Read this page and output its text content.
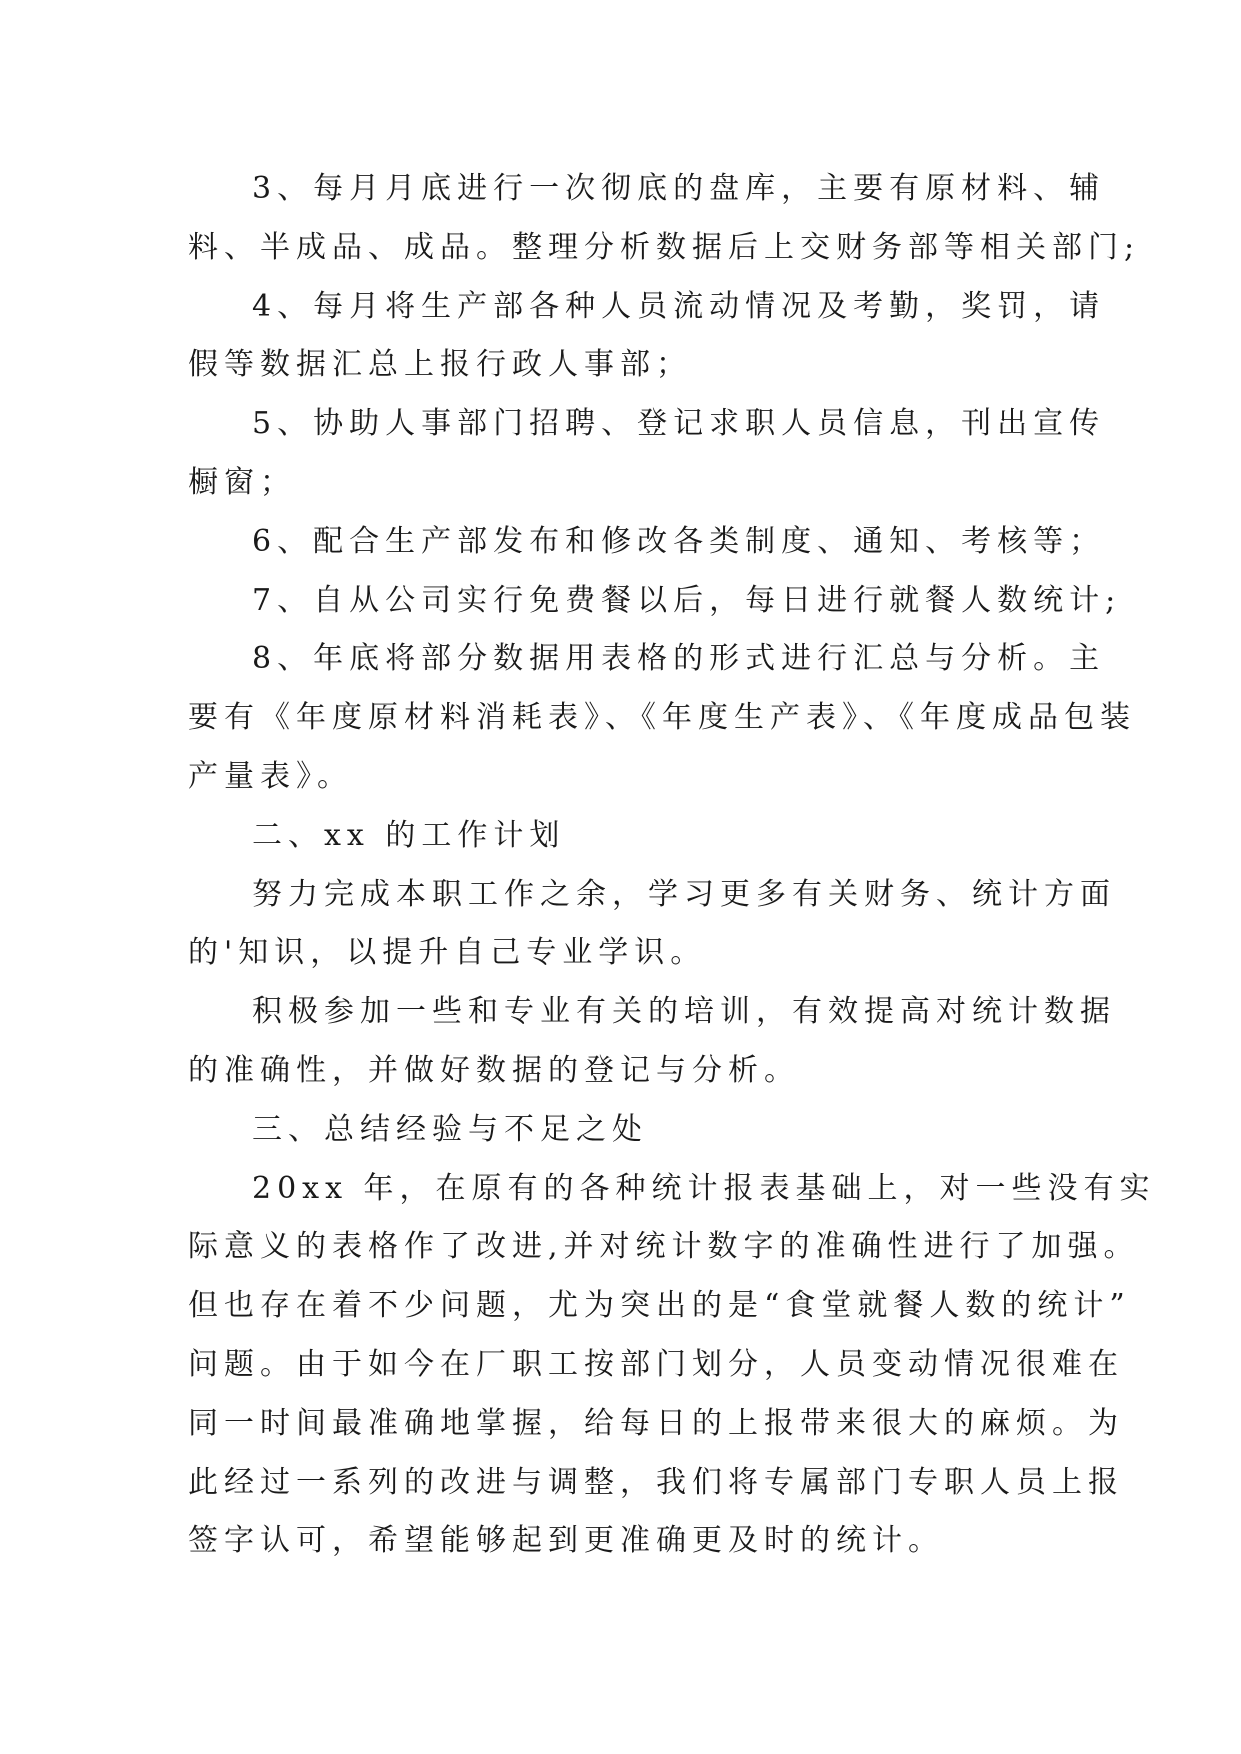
3、每月月底进行一次彻底的盘库，主要有原材料、辅
料、半成品、成品。整理分析数据后上交财务部等相关部门;
4、每月将生产部各种人员流动情况及考勤，奖罚，请
假等数据汇总上报行政人事部；
5、协助人事部门招聘、登记求职人员信息，刊出宣传
橱窗；
6、配合生产部发布和修改各类制度、通知、考核等；
7、自从公司实行免费餐以后，每日进行就餐人数统计;
8、年底将部分数据用表格的形式进行汇总与分析。主
要有《年度原材料消耗表》、《年度生产表》、《年度成品包装
产量表》。
二、xx 的工作计划
努力完成本职工作之余，学习更多有关财务、统计方面
的'知识，以提升自己专业学识。
积极参加一些和专业有关的培训，有效提高对统计数据
的准确性，并做好数据的登记与分析。
三、总结经验与不足之处
20xx 年，在原有的各种统计报表基础上，对一些没有实
际意义的表格作了改进,并对统计数字的准确性进行了加强。
但也存在着不少问题，尤为突出的是“食堂就餐人数的统计”
问题。由于如今在厂职工按部门划分，人员变动情况很难在
同一时间最准确地掌握，给每日的上报带来很大的麻烦。为
此经过一系列的改进与调整，我们将专属部门专职人员上报
签字认可，希望能够起到更准确更及时的统计。
